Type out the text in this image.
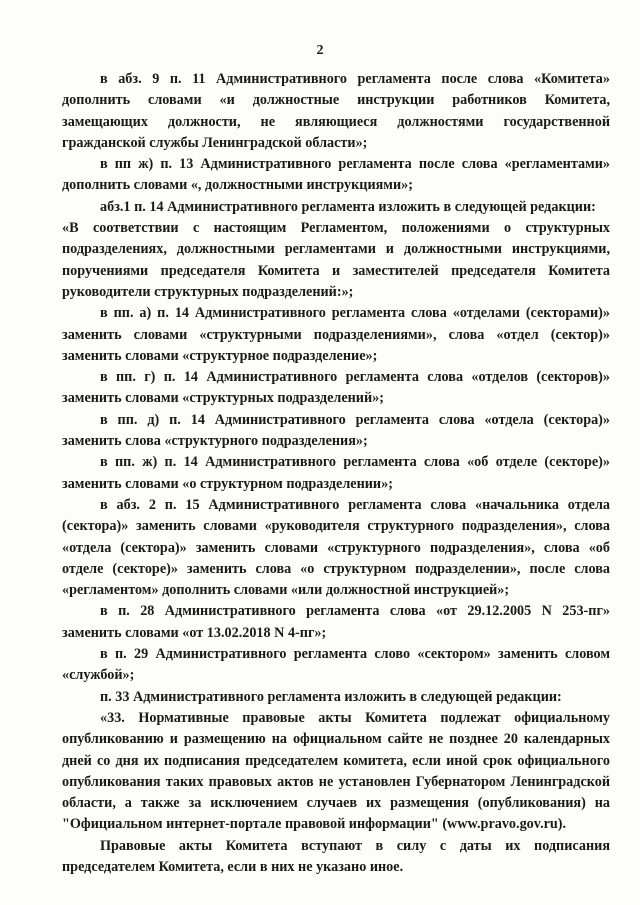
2

в абз. 9 п. 11 Административного регламента после слова «Комитета» дополнить словами «и должностные инструкции работников Комитета, замещающих должности, не являющиеся должностями государственной гражданской службы Ленинградской области»;

в пп ж) п. 13 Административного регламента после слова «регламентами» дополнить словами «, должностными инструкциями»;

абз.1 п. 14 Административного регламента изложить в следующей редакции:

«В соответствии с настоящим Регламентом, положениями о структурных подразделениях, должностными регламентами и должностными инструкциями, поручениями председателя Комитета и заместителей председателя Комитета руководители структурных подразделений:»;

в пп. а) п. 14 Административного регламента слова «отделами (секторами)» заменить словами «структурными подразделениями», слова «отдел (сектор)» заменить словами «структурное подразделение»;

в пп. г) п. 14 Административного регламента слова «отделов (секторов)» заменить словами «структурных подразделений»;

в пп. д) п. 14 Административного регламента слова «отдела (сектора)» заменить слова «структурного подразделения»;

в пп. ж) п. 14 Административного регламента слова «об отделе (секторе)» заменить словами «о структурном подразделении»;

в абз. 2 п. 15 Административного регламента слова «начальника отдела (сектора)» заменить словами «руководителя структурного подразделения», слова «отдела (сектора)» заменить словами «структурного подразделения», слова «об отделе (секторе)» заменить слова «о структурном подразделении», после слова «регламентом» дополнить словами «или должностной инструкцией»;

в п. 28 Административного регламента слова «от 29.12.2005 N 253-пг» заменить словами «от 13.02.2018 N 4-пг»;

в п. 29 Административного регламента слово «сектором» заменить словом «службой»;

п. 33 Административного регламента изложить в следующей редакции:

«33. Нормативные правовые акты Комитета подлежат официальному опубликованию и размещению на официальном сайте не позднее 20 календарных дней со дня их подписания председателем комитета, если иной срок официального опубликования таких правовых актов не установлен Губернатором Ленинградской области, а также за исключением случаев их размещения (опубликования) на "Официальном интернет-портале правовой информации" (www.pravo.gov.ru).

Правовые акты Комитета вступают в силу с даты их подписания председателем Комитета, если в них не указано иное.
